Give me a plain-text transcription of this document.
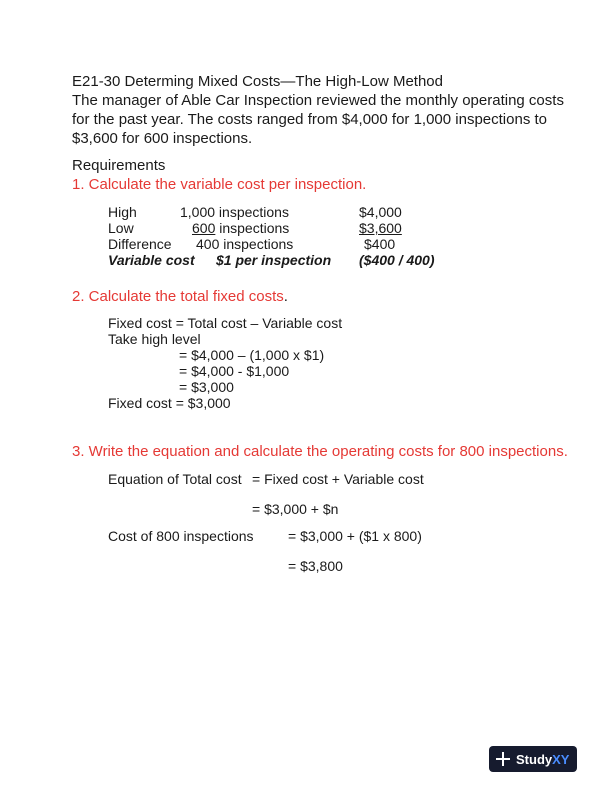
E21-30 Determing Mixed Costs—The High-Low Method
The manager of Able Car Inspection reviewed the monthly operating costs
for the past year. The costs ranged from $4,000 for 1,000 inspections to
$3,600 for 600 inspections.
Requirements
1. Calculate the variable cost per inspection.
High	1,000 inspections	$4,000
Low	600 inspections	$3,600
Difference 400 inspections	$400
Variable cost $1 per inspection ($400 / 400)
2. Calculate the total fixed costs.
Fixed cost = Total cost – Variable cost
Take high level
= $4,000 – (1,000 x $1)
= $4,000 - $1,000
= $3,000
Fixed cost = $3,000
3. Write the equation and calculate the operating costs for 800 inspections.
Equation of Total cost = Fixed cost + Variable cost
= $3,000 + $n
Cost of 800 inspections = $3,000 + ($1 x 800)
= $3,800
StudyXY
